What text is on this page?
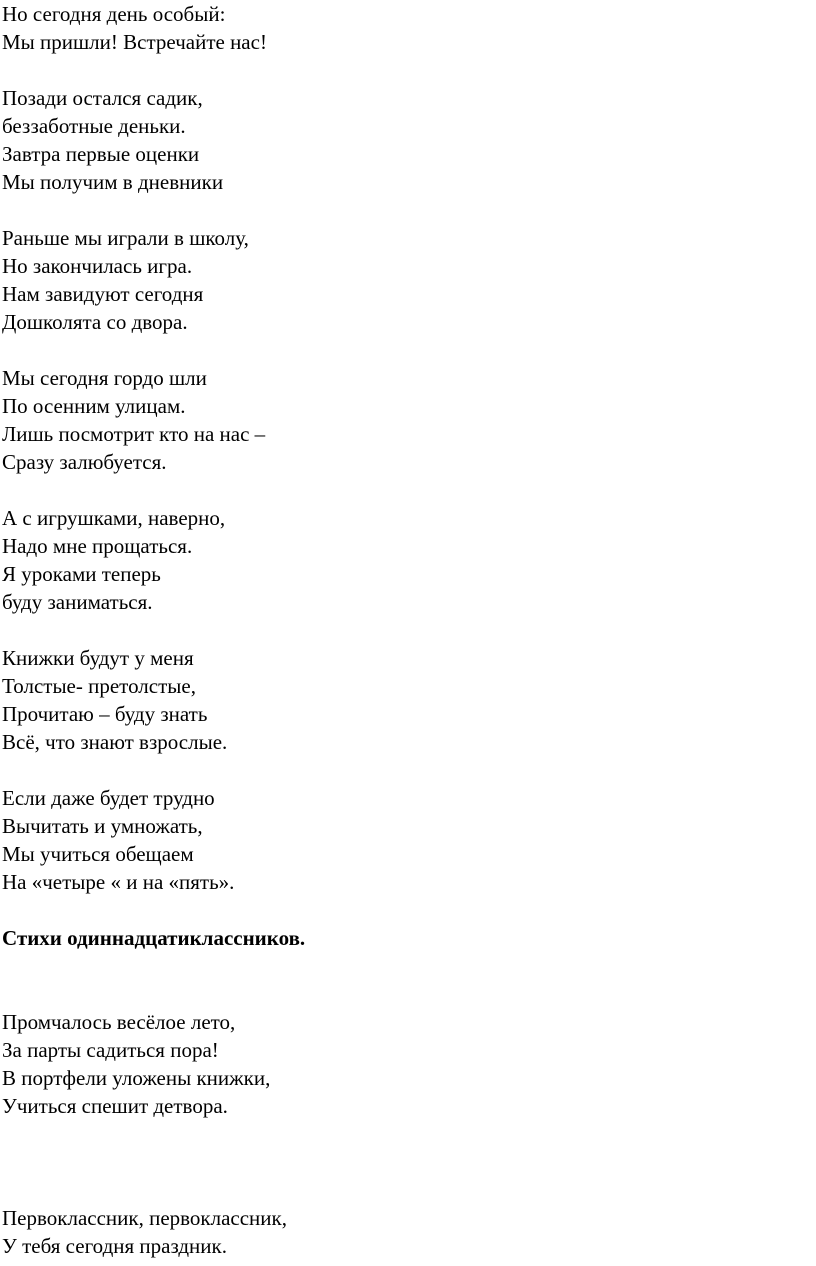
Но сегодня день особый:
Мы пришли! Встречайте нас!
Позади остался садик,
беззаботные деньки.
Завтра первые оценки
Мы получим в дневники
Раньше мы играли в школу,
Но закончилась игра.
Нам завидуют сегодня
Дошколята со двора.
Мы сегодня гордо шли
По осенним улицам.
Лишь посмотрит кто на нас –
Сразу залюбуется.
А с игрушками, наверно,
Надо мне прощаться.
Я уроками теперь
буду заниматься.
Книжки будут у меня
Толстые- претолстые,
Прочитаю – буду знать
Всё, что знают взрослые.
Если даже будет трудно
Вычитать и умножать,
Мы учиться обещаем
На «четыре « и на «пять».
Стихи одиннадцатиклассников.
Промчалось весёлое лето,
За парты садиться пора!
В портфели уложены книжки,
Учиться спешит детвора.
Первоклассник, первоклассник,
У тебя сегодня праздник.
